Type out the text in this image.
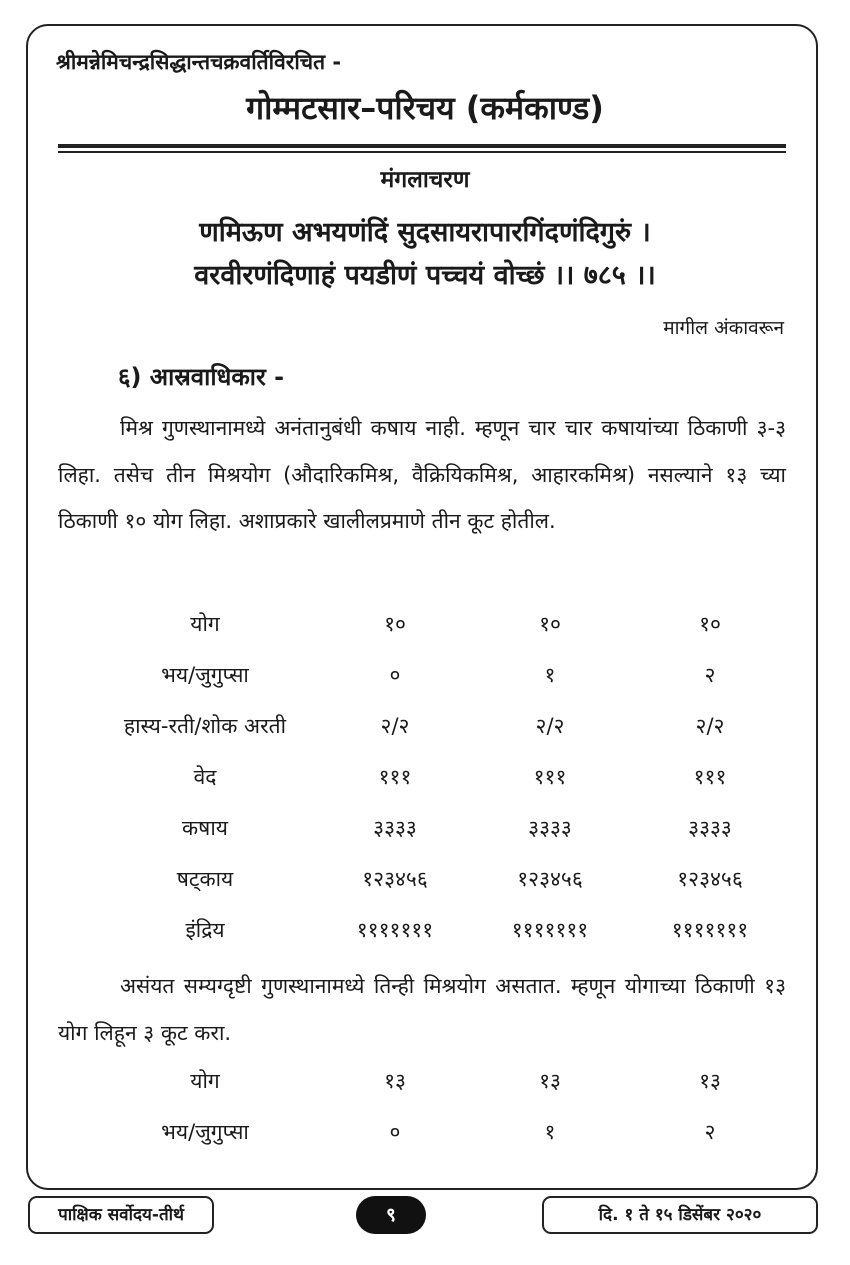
श्रीमन्नेमिचन्द्रसिद्धान्तचक्रवर्तिविरचित -
गोम्मटसार–परिचय (कर्मकाण्ड)
मंगलाचरण
णमिऊण अभयणंदिं सुदसायरापारगिंदणंदिगुरुं ।
वरवीरणंदिणाहं पयडीणं पच्चयं वोच्छं ।। ७८५ ।।
मागील अंकावरून
६) आस्रवाधिकार -
मिश्र गुणस्थानामध्ये अनंतानुबंधी कषाय नाही. म्हणून चार चार कषायांच्या ठिकाणी ३-३ लिहा. तसेच तीन मिश्रयोग (औदारिकमिश्र, वैक्रियिकमिश्र, आहारकमिश्र) नसल्याने १३ च्या ठिकाणी १० योग लिहा. अशाप्रकारे खालीलप्रमाणे तीन कूट होतील.
योग	१०	१०	१०
भय/जुगुप्सा	०	१	२
हास्य-रती/शोक अरती	२/२	२/२	२/२
वेद	१११	१११	१११
कषाय	३३३३	३३३३	३३३३
षट्काय	१२३४५६	१२३४५६	१२३४५६
इंद्रिय	१११११११	१११११११	१११११११
असंयत सम्यग्दृष्टी गुणस्थानामध्ये तिन्ही मिश्रयोग असतात. म्हणून योगाच्या ठिकाणी १३ योग लिहून ३ कूट करा.
योग	१३	१३	१३
भय/जुगुप्सा	०	१	२
पाक्षिक सर्वोदय-तीर्थ	९	दि. १ ते १५ डिसेंबर २०२०
